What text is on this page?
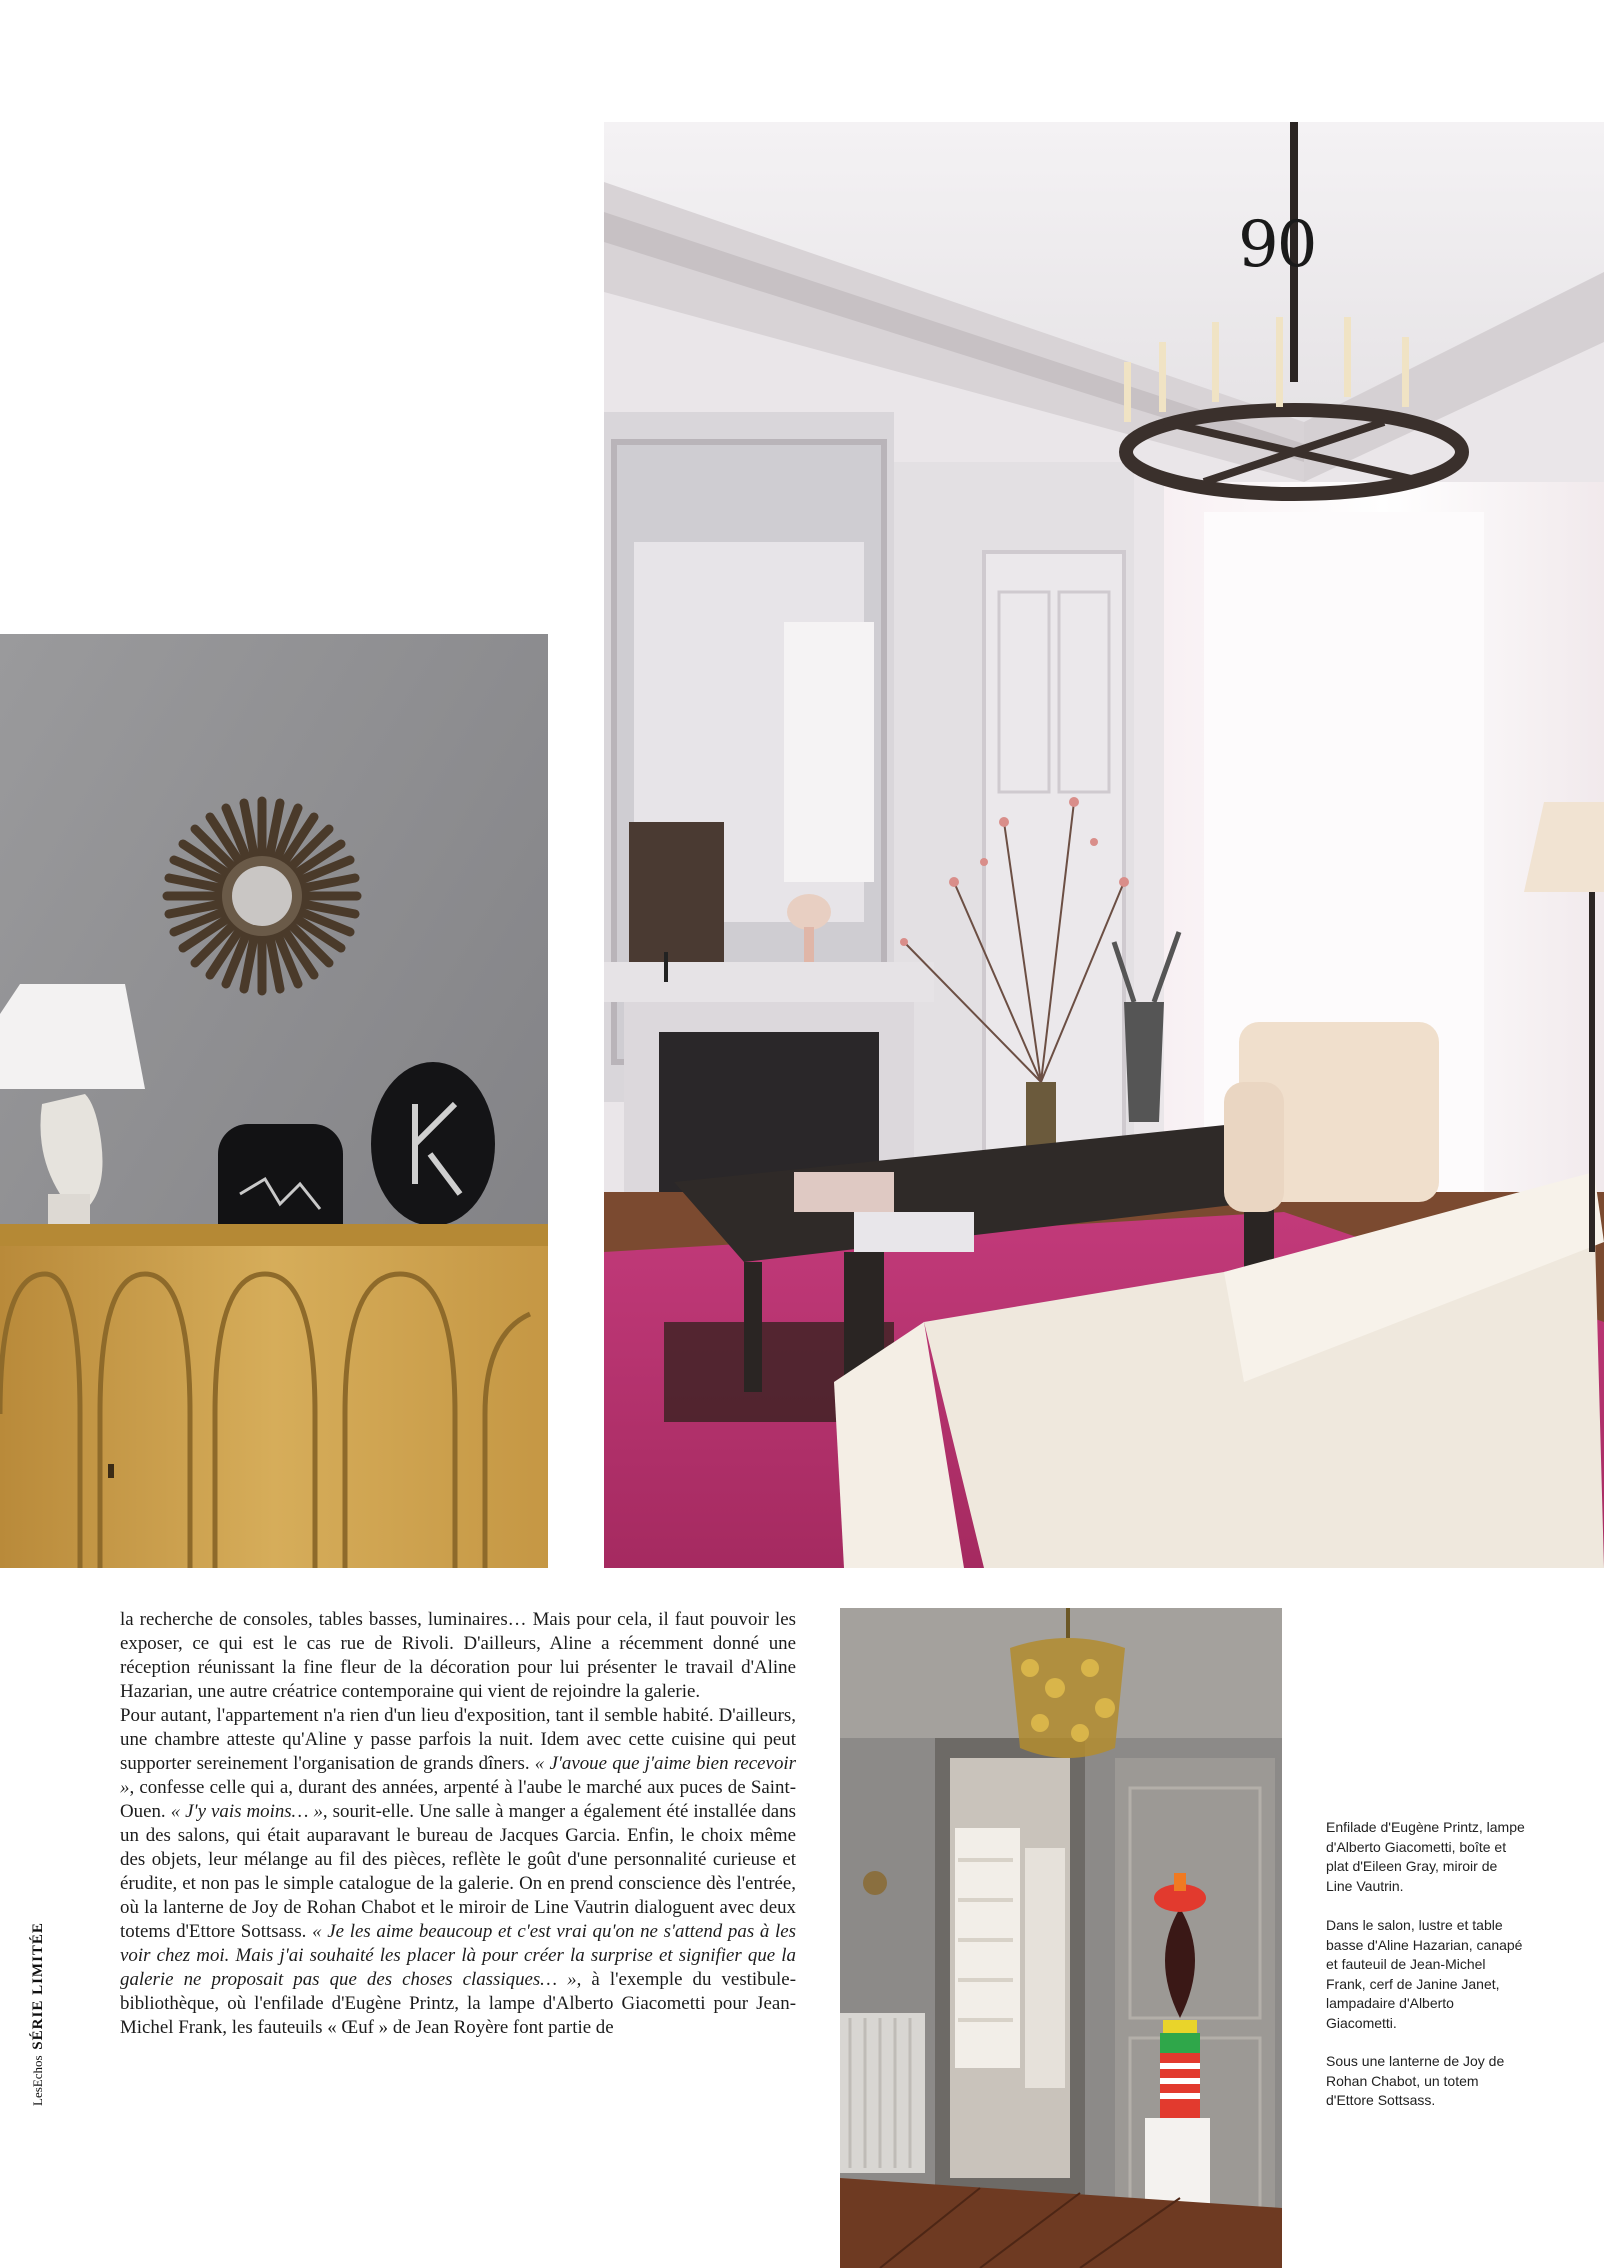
90

la recherche de consoles, tables basses, luminaires… Mais pour cela, il faut pouvoir les exposer, ce qui est le cas rue de Rivoli. D'ailleurs, Aline a récemment donné une réception réunissant la fine fleur de la décoration pour lui présenter le travail d'Aline Hazarian, une autre créatrice contemporaine qui vient de rejoindre la galerie.

Pour autant, l'appartement n'a rien d'un lieu d'exposition, tant il semble habité. D'ailleurs, une chambre atteste qu'Aline y passe parfois la nuit. Idem avec cette cuisine qui peut supporter sereinement l'organisation de grands dîners. « J'avoue que j'aime bien recevoir », confesse celle qui a, durant des années, arpenté à l'aube le marché aux puces de Saint-Ouen. « J'y vais moins… », sourit-elle. Une salle à manger a également été installée dans un des salons, qui était auparavant le bureau de Jacques Garcia. Enfin, le choix même des objets, leur mélange au fil des pièces, reflète le goût d'une personnalité curieuse et érudite, et non pas le simple catalogue de la galerie. On en prend conscience dès l'entrée, où la lanterne de Joy de Rohan Chabot et le miroir de Line Vautrin dialoguent avec deux totems d'Ettore Sottsass. « Je les aime beaucoup et c'est vrai qu'on ne s'attend pas à les voir chez moi. Mais j'ai souhaité les placer là pour créer la surprise et signifier que la galerie ne proposait pas que des choses classiques… », à l'exemple du vestibule-bibliothèque, où l'enfilade d'Eugène Printz, la lampe d'Alberto Giacometti pour Jean-Michel Frank, les fauteuils « Œuf » de Jean Royère font partie de

Enfilade d'Eugène Printz, lampe d'Alberto Giacometti, boîte et plat d'Eileen Gray, miroir de Line Vautrin.
Dans le salon, lustre et table basse d'Aline Hazarian, canapé et fauteuil de Jean-Michel Frank, cerf de Janine Janet, lampadaire d'Alberto Giacometti.
Sous une lanterne de Joy de Rohan Chabot, un totem d'Ettore Sottsass.
LesEchos SÉRIE LIMITÉE
